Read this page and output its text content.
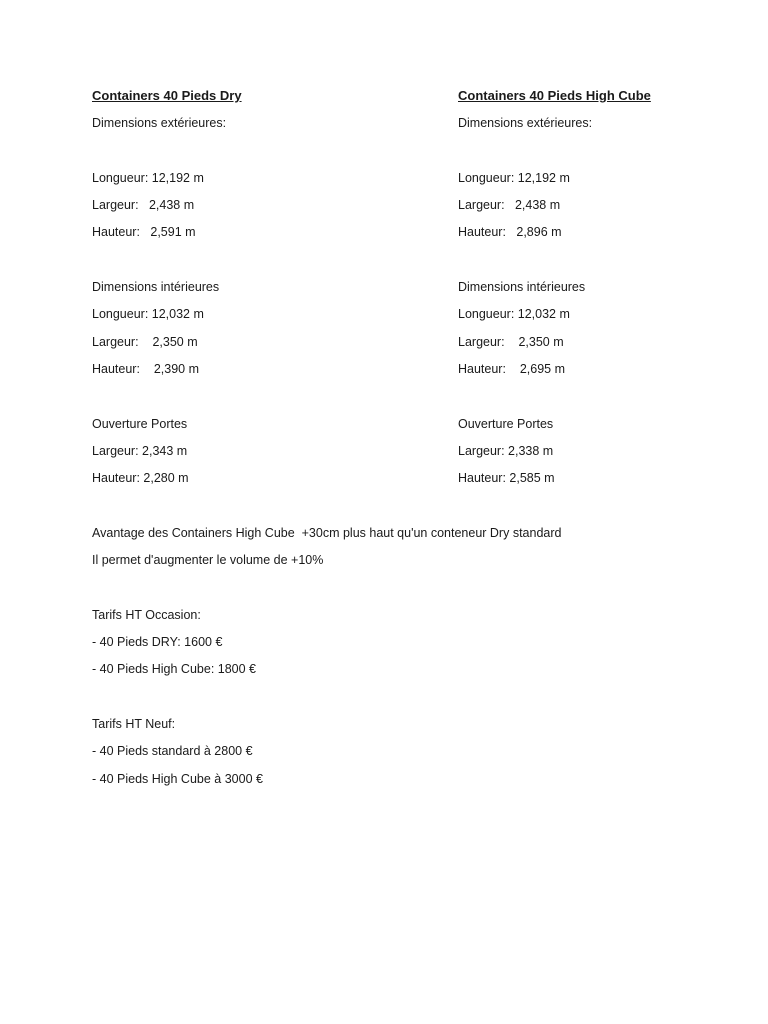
Containers 40 Pieds Dry
Dimensions extérieures:
Longueur: 12,192 m
Largeur:   2,438 m
Hauteur:   2,591 m
Dimensions intérieures
Longueur: 12,032 m
Largeur:    2,350 m
Hauteur:    2,390 m
Ouverture Portes
Largeur: 2,343 m
Hauteur: 2,280 m
Containers 40 Pieds High Cube
Dimensions extérieures:
Longueur: 12,192 m
Largeur:   2,438 m
Hauteur:   2,896 m
Dimensions intérieures
Longueur: 12,032 m
Largeur:    2,350 m
Hauteur:    2,695 m
Ouverture Portes
Largeur: 2,338 m
Hauteur: 2,585 m
Avantage des Containers High Cube  +30cm plus haut qu'un conteneur Dry standard
Il permet d'augmenter le volume de +10%
Tarifs HT Occasion:
- 40 Pieds DRY: 1600 €
- 40 Pieds High Cube: 1800 €
Tarifs HT Neuf:
- 40 Pieds standard à 2800 €
- 40 Pieds High Cube à 3000 €
